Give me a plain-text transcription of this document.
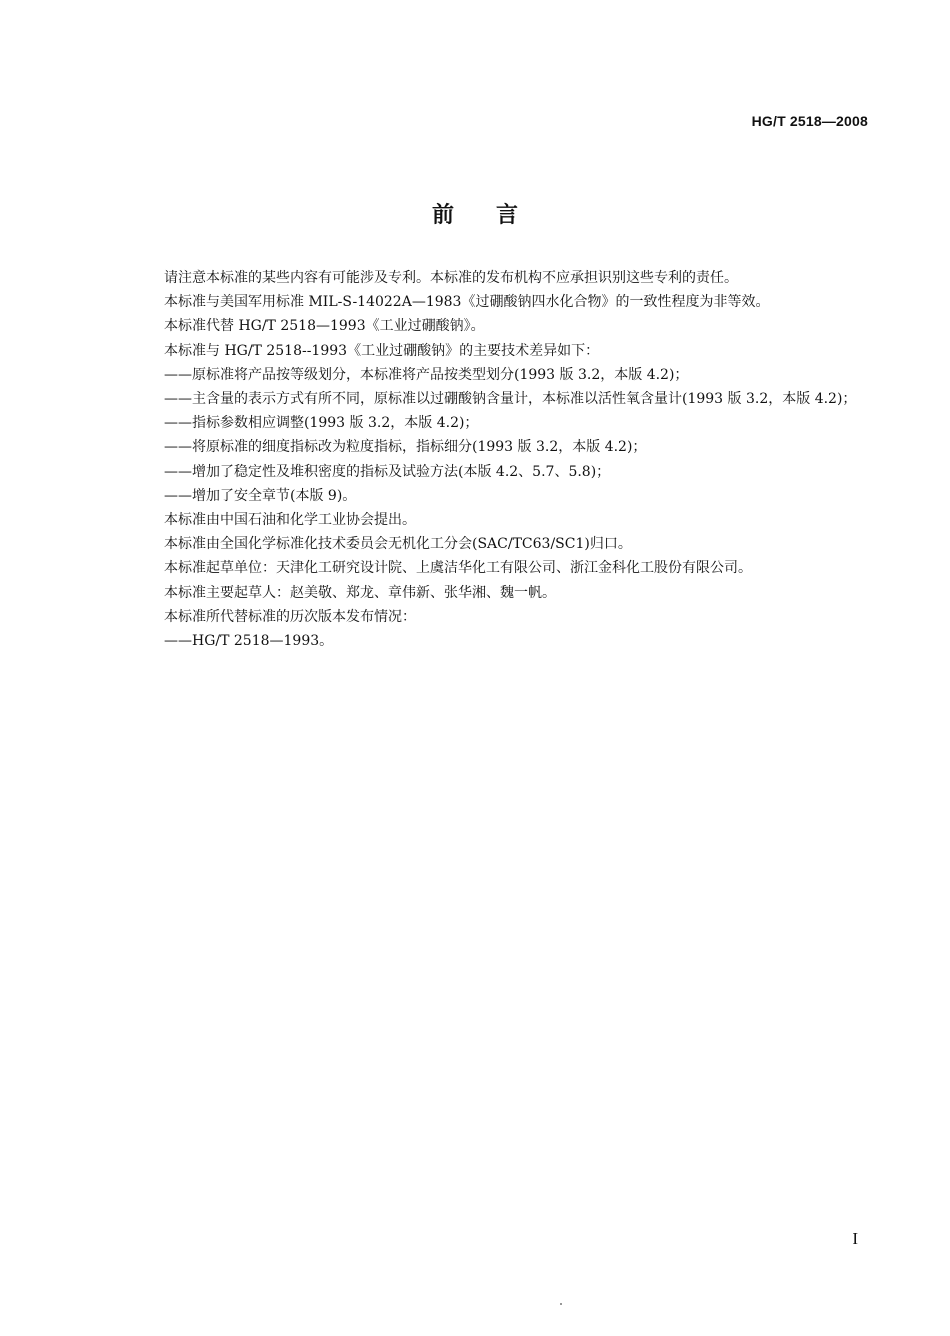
HG/T 2518—2008
前言

请注意本标准的某些内容有可能涉及专利。本标准的发布机构不应承担识别这些专利的责任。

本标准与美国军用标准 MIL-S-14022A—1983《过硼酸钠四水化合物》的一致性程度为非等效。

本标准代替 HG/T 2518—1993《工业过硼酸钠》。

本标准与 HG/T 2518--1993《工业过硼酸钠》的主要技术差异如下：

——原标准将产品按等级划分，本标准将产品按类型划分(1993 版 3.2，本版 4.2)；

——主含量的表示方式有所不同，原标准以过硼酸钠含量计，本标准以活性氧含量计(1993 版 3.2，本版 4.2)；

——指标参数相应调整(1993 版 3.2，本版 4.2)；

——将原标准的细度指标改为粒度指标，指标细分(1993 版 3.2，本版 4.2)；

——增加了稳定性及堆积密度的指标及试验方法(本版 4.2、5.7、5.8)；

——增加了安全章节(本版 9)。

本标准由中国石油和化学工业协会提出。

本标准由全国化学标准化技术委员会无机化工分会(SAC/TC63/SC1)归口。

本标准起草单位：天津化工研究设计院、上虞洁华化工有限公司、浙江金科化工股份有限公司。

本标准主要起草人：赵美敬、郑龙、章伟新、张华湘、魏一帆。

本标准所代替标准的历次版本发布情况：

——HG/T 2518—1993。

I
